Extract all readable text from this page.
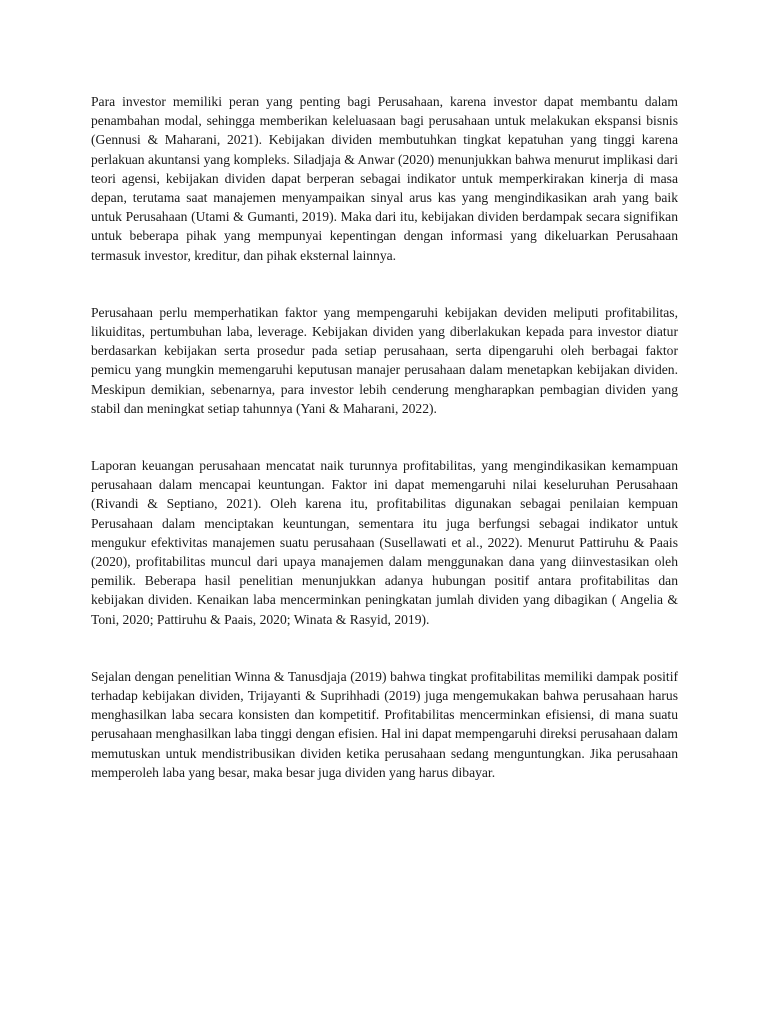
Para investor memiliki peran yang penting bagi Perusahaan, karena investor dapat membantu dalam penambahan modal, sehingga memberikan keleluasaan bagi perusahaan untuk melakukan ekspansi bisnis (Gennusi & Maharani, 2021). Kebijakan dividen membutuhkan tingkat kepatuhan yang tinggi karena perlakuan akuntansi yang kompleks. Siladjaja & Anwar (2020) menunjukkan bahwa menurut implikasi dari teori agensi, kebijakan dividen dapat berperan sebagai indikator untuk memperkirakan kinerja di masa depan, terutama saat manajemen menyampaikan sinyal arus kas yang mengindikasikan arah yang baik untuk Perusahaan (Utami & Gumanti, 2019). Maka dari itu, kebijakan dividen berdampak secara signifikan untuk beberapa pihak yang mempunyai kepentingan dengan informasi yang dikeluarkan Perusahaan termasuk investor, kreditur, dan pihak eksternal lainnya.

Perusahaan perlu memperhatikan faktor yang mempengaruhi kebijakan deviden meliputi profitabilitas, likuiditas, pertumbuhan laba, leverage. Kebijakan dividen yang diberlakukan kepada para investor diatur berdasarkan kebijakan serta prosedur pada setiap perusahaan, serta dipengaruhi oleh berbagai faktor pemicu yang mungkin memengaruhi keputusan manajer perusahaan dalam menetapkan kebijakan dividen. Meskipun demikian, sebenarnya, para investor lebih cenderung mengharapkan pembagian dividen yang stabil dan meningkat setiap tahunnya (Yani & Maharani, 2022).

Laporan keuangan perusahaan mencatat naik turunnya profitabilitas, yang mengindikasikan kemampuan perusahaan dalam mencapai keuntungan. Faktor ini dapat memengaruhi nilai keseluruhan Perusahaan (Rivandi & Septiano, 2021). Oleh karena itu, profitabilitas digunakan sebagai penilaian kempuan Perusahaan dalam menciptakan keuntungan, sementara itu juga berfungsi sebagai indikator untuk mengukur efektivitas manajemen suatu perusahaan (Susellawati et al., 2022). Menurut Pattiruhu & Paais (2020), profitabilitas muncul dari upaya manajemen dalam menggunakan dana yang diinvestasikan oleh pemilik. Beberapa hasil penelitian menunjukkan adanya hubungan positif antara profitabilitas dan kebijakan dividen. Kenaikan laba mencerminkan peningkatan jumlah dividen yang dibagikan ( Angelia & Toni, 2020; Pattiruhu & Paais, 2020; Winata & Rasyid, 2019).

Sejalan dengan penelitian Winna & Tanusdjaja (2019) bahwa tingkat profitabilitas memiliki dampak positif terhadap kebijakan dividen, Trijayanti & Suprihhadi (2019) juga mengemukakan bahwa perusahaan harus menghasilkan laba secara konsisten dan kompetitif. Profitabilitas mencerminkan efisiensi, di mana suatu perusahaan menghasilkan laba tinggi dengan efisien. Hal ini dapat mempengaruhi direksi perusahaan dalam memutuskan untuk mendistribusikan dividen ketika perusahaan sedang menguntungkan. Jika perusahaan memperoleh laba yang besar, maka besar juga dividen yang harus dibayar.
